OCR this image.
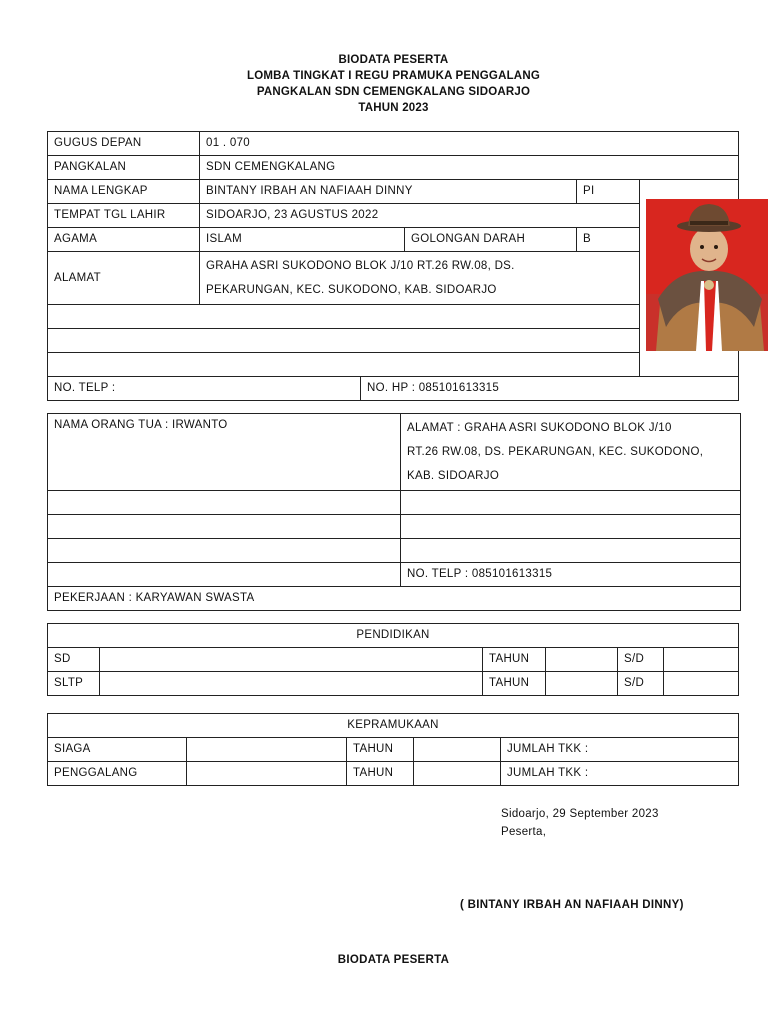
BIODATA PESERTA
LOMBA TINGKAT I REGU PRAMUKA PENGGALANG
PANGKALAN SDN CEMENGKALANG SIDOARJO
TAHUN 2023
GUGUS DEPAN	01 . 070				
PANGKALAN	SDN CEMENGKALANG				
NAMA LENGKAP	BINTANY IRBAH AN NAFIAAH DINNY			PI	
TEMPAT TGL LAHIR	SIDOARJO, 23 AGUSTUS 2022				
AGAMA	ISLAM		GOLONGAN DARAH	B	
ALAMAT	GRAHA ASRI SUKODONO BLOK J/10 RT.26 RW.08, DS.
PEKARUNGAN, KEC. SUKODONO, KAB. SIDOARJO				

NO. TELP :		NO. HP : 085101613315			
NAMA ORANG TUA : IRWANTO	ALAMAT : GRAHA ASRI SUKODONO BLOK J/10
RT.26 RW.08, DS. PEKARUNGAN, KEC. SUKODONO,
KAB. SIDOARJO

	NO. TELP : 085101613315
PEKERJAAN : KARYAWAN SWASTA	
PENDIDIKAN					
SD		TAHUN		S/D	
SLTP		TAHUN		S/D	
KEPRAMUKAAN				
SIAGA		TAHUN		JUMLAH TKK :
PENGGALANG		TAHUN		JUMLAH TKK :
Sidoarjo, 29 September 2023
Peserta,
( BINTANY IRBAH AN NAFIAAH DINNY)
BIODATA PESERTA
